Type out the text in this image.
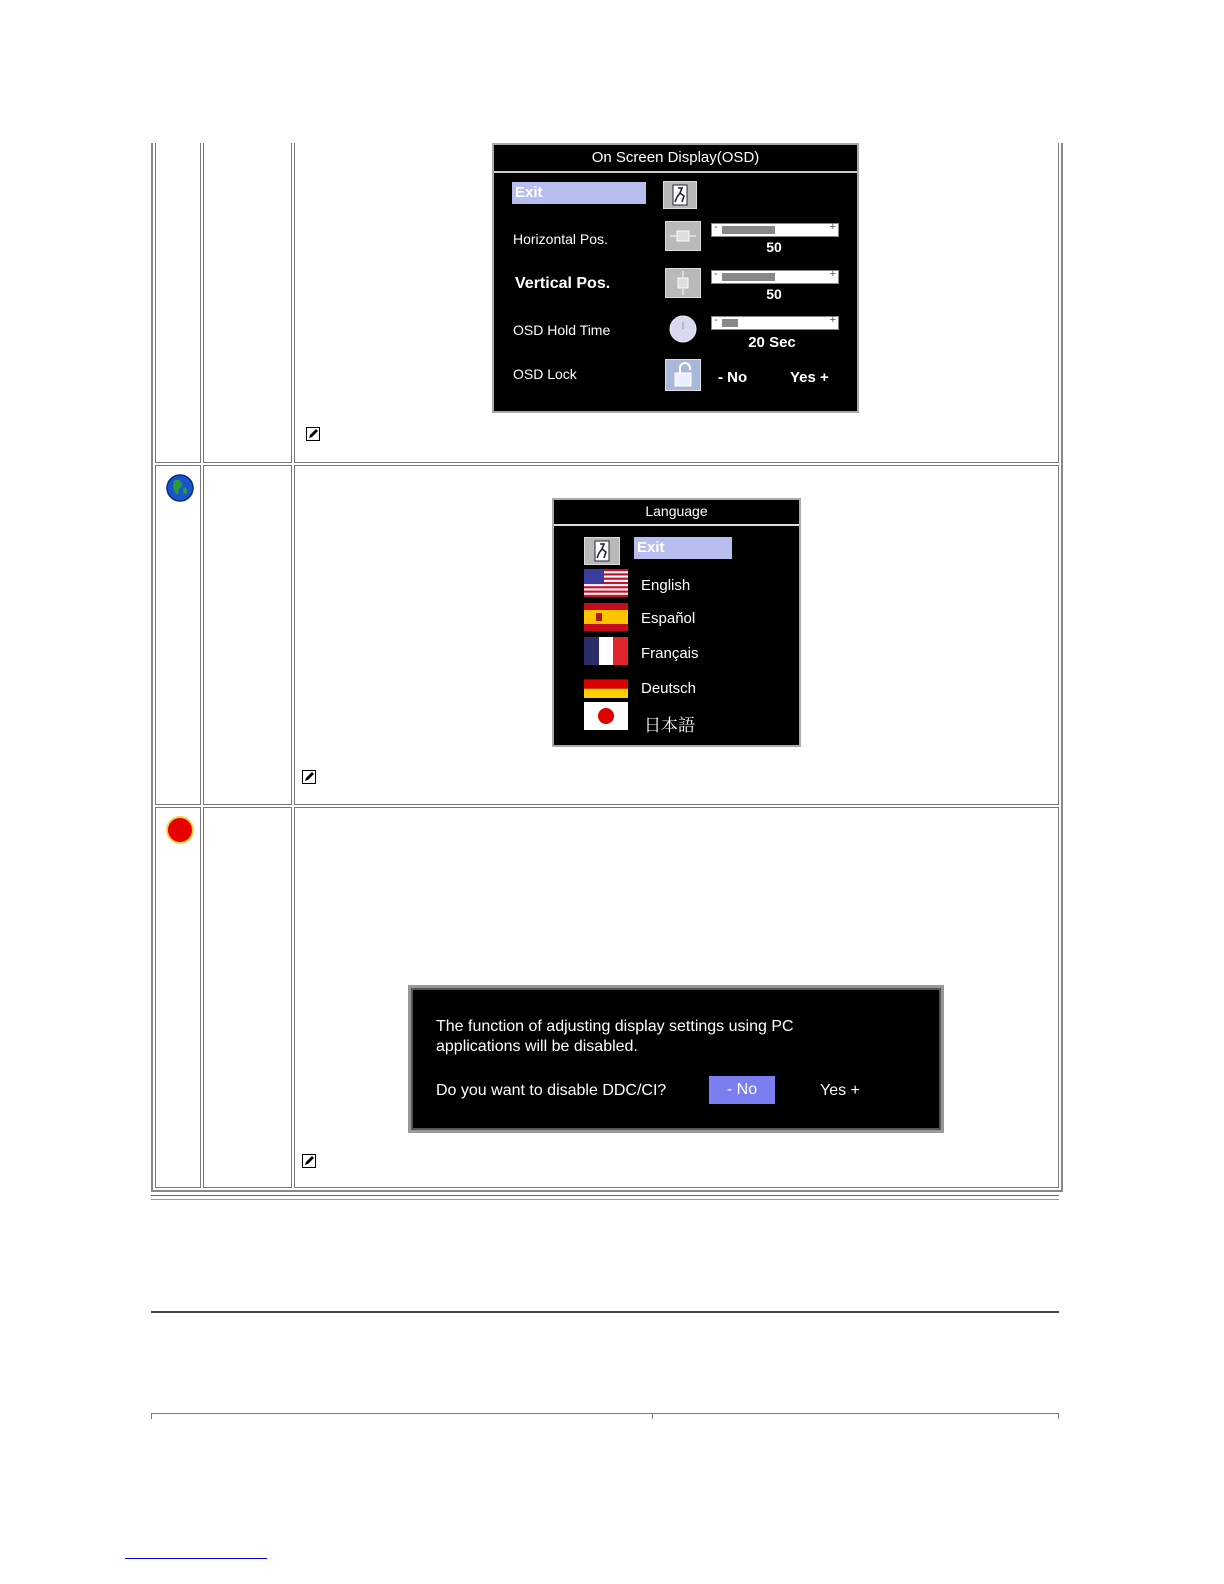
On Screen Display(OSD)
Exit
Horizontal Pos.
-	+
50
Vertical Pos.
-	+
50
OSD Hold Time
-	+
20 Sec
OSD Lock	- No	Yes +
Language
Exit
English
Español
Français
Deutsch
日本語
The function of adjusting display settings using PC
applications will be disabled.
Do you want to disable DDC/CI?	- No	Yes +
